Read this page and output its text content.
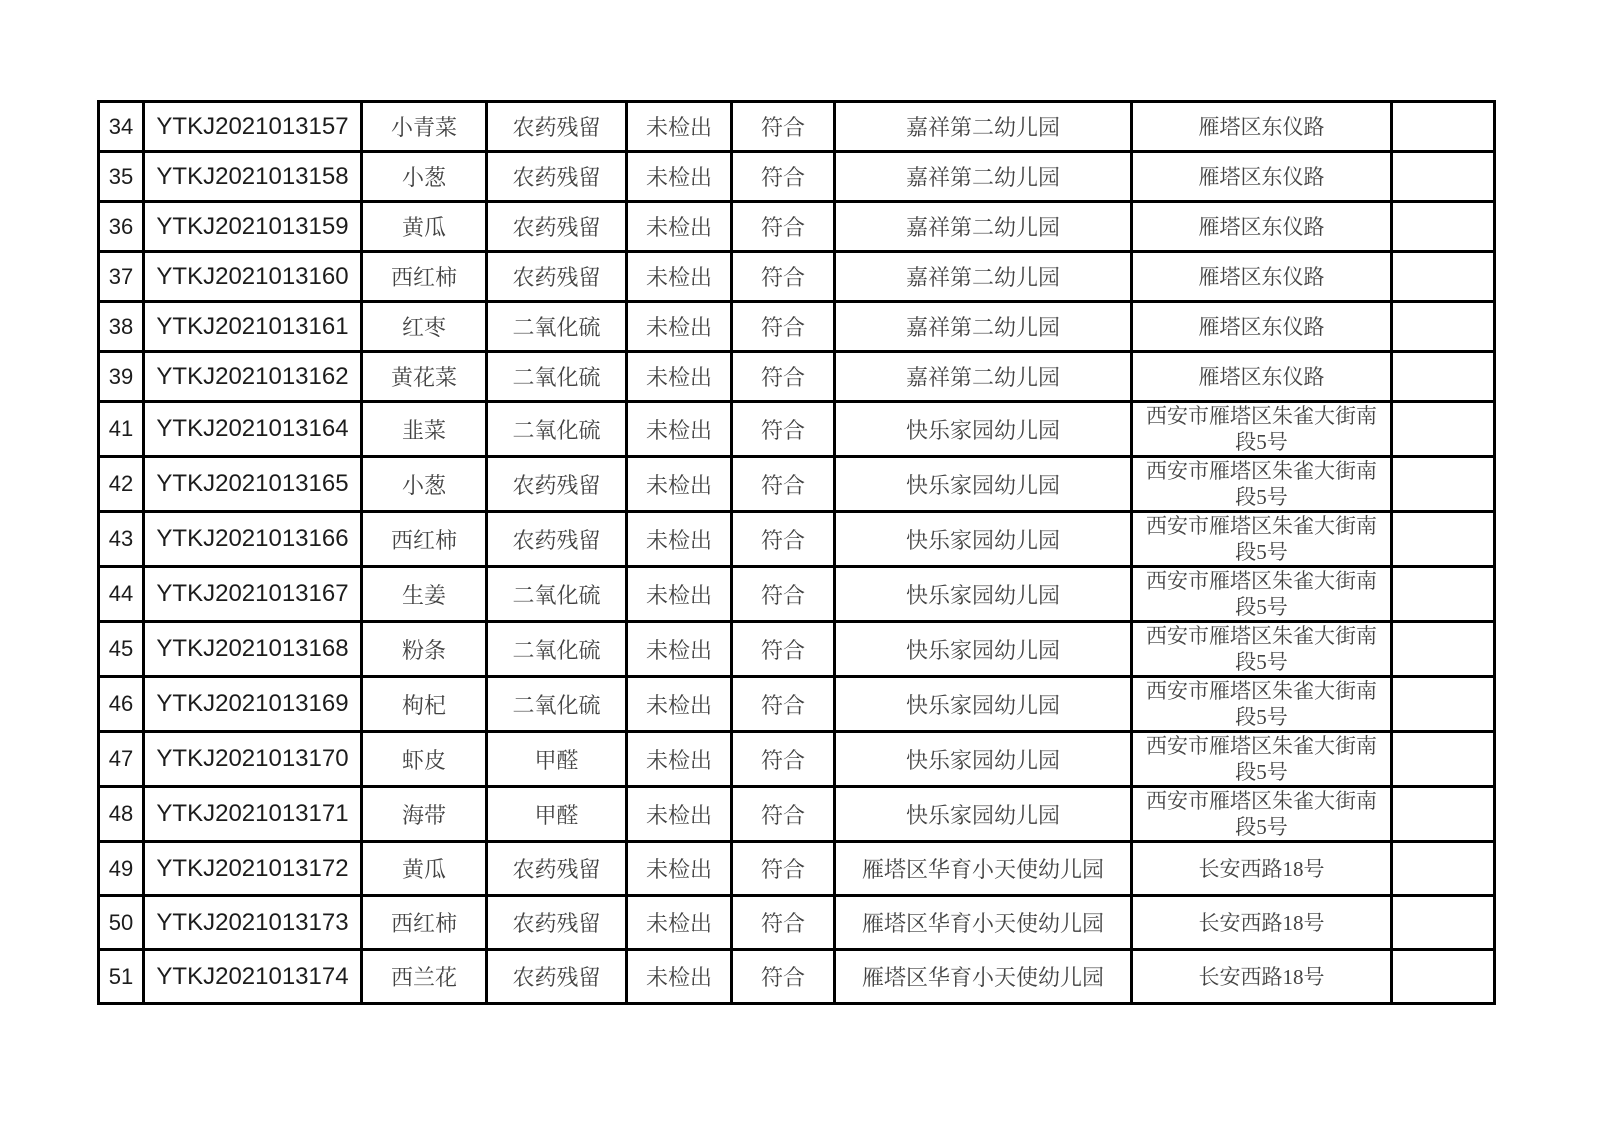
34	YTKJ2021013157	小青菜	农药残留	未检出	符合	嘉祥第二幼儿园	雁塔区东仪路	
35	YTKJ2021013158	小葱	农药残留	未检出	符合	嘉祥第二幼儿园	雁塔区东仪路	
36	YTKJ2021013159	黄瓜	农药残留	未检出	符合	嘉祥第二幼儿园	雁塔区东仪路	
37	YTKJ2021013160	西红柿	农药残留	未检出	符合	嘉祥第二幼儿园	雁塔区东仪路	
38	YTKJ2021013161	红枣	二氧化硫	未检出	符合	嘉祥第二幼儿园	雁塔区东仪路	
39	YTKJ2021013162	黄花菜	二氧化硫	未检出	符合	嘉祥第二幼儿园	雁塔区东仪路	
41	YTKJ2021013164	韭菜	二氧化硫	未检出	符合	快乐家园幼儿园	西安市雁塔区朱雀大街南段5号	
42	YTKJ2021013165	小葱	农药残留	未检出	符合	快乐家园幼儿园	西安市雁塔区朱雀大街南段5号	
43	YTKJ2021013166	西红柿	农药残留	未检出	符合	快乐家园幼儿园	西安市雁塔区朱雀大街南段5号	
44	YTKJ2021013167	生姜	二氧化硫	未检出	符合	快乐家园幼儿园	西安市雁塔区朱雀大街南段5号	
45	YTKJ2021013168	粉条	二氧化硫	未检出	符合	快乐家园幼儿园	西安市雁塔区朱雀大街南段5号	
46	YTKJ2021013169	枸杞	二氧化硫	未检出	符合	快乐家园幼儿园	西安市雁塔区朱雀大街南段5号	
47	YTKJ2021013170	虾皮	甲醛	未检出	符合	快乐家园幼儿园	西安市雁塔区朱雀大街南段5号	
48	YTKJ2021013171	海带	甲醛	未检出	符合	快乐家园幼儿园	西安市雁塔区朱雀大街南段5号	
49	YTKJ2021013172	黄瓜	农药残留	未检出	符合	雁塔区华育小天使幼儿园	长安西路18号	
50	YTKJ2021013173	西红柿	农药残留	未检出	符合	雁塔区华育小天使幼儿园	长安西路18号	
51	YTKJ2021013174	西兰花	农药残留	未检出	符合	雁塔区华育小天使幼儿园	长安西路18号	
